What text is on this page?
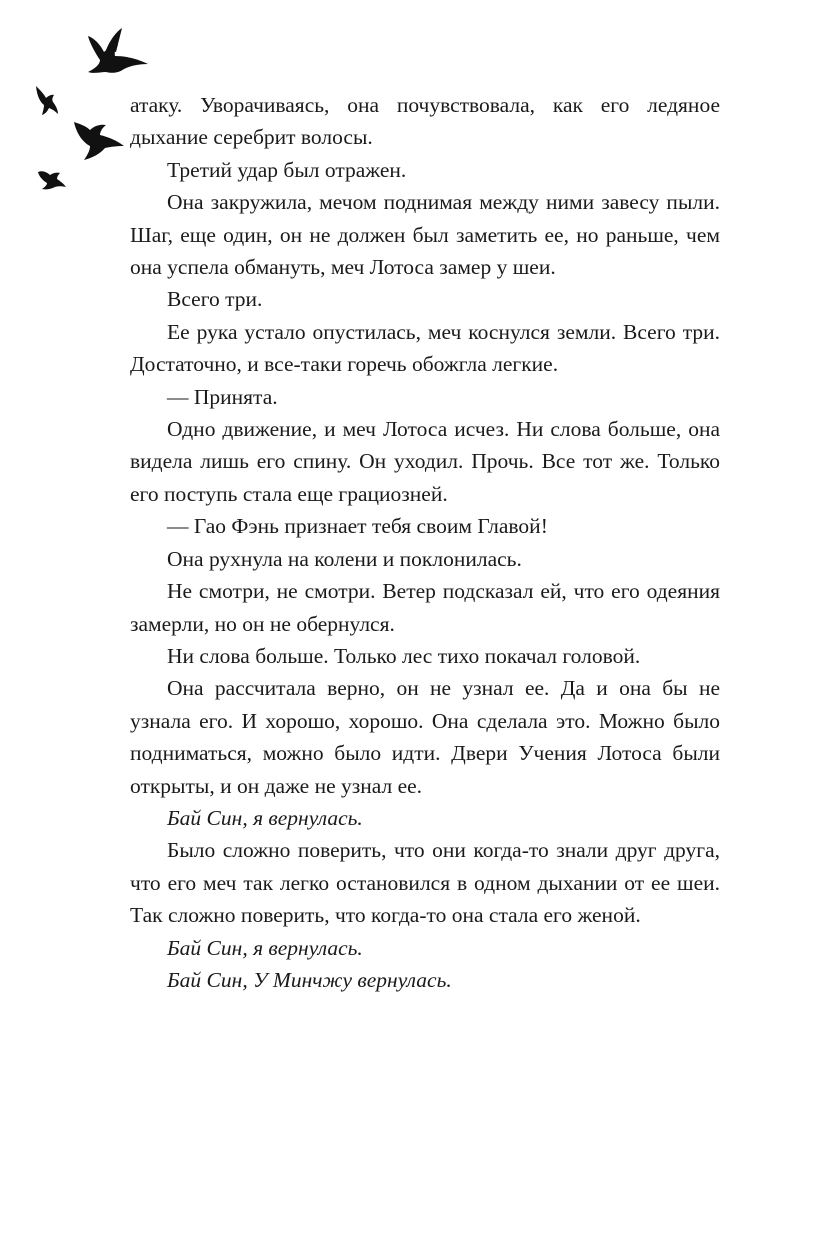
атаку. Уворачиваясь, она почувствовала, как его ледяное дыхание серебрит волосы.

Третий удар был отражен.

Она закружила, мечом поднимая между ними завесу пыли. Шаг, еще один, он не должен был заметить ее, но раньше, чем она успела обмануть, меч Лотоса замер у шеи.

Всего три.

Ее рука устало опустилась, меч коснулся земли. Всего три. Достаточно, и все-таки горечь обожгла легкие.

— Принята.

Одно движение, и меч Лотоса исчез. Ни слова больше, она видела лишь его спину. Он уходил. Прочь. Все тот же. Только его поступь стала еще грациозней.

— Гао Фэнь признает тебя своим Главой!

Она рухнула на колени и поклонилась.

Не смотри, не смотри. Ветер подсказал ей, что его одеяния замерли, но он не обернулся.

Ни слова больше. Только лес тихо покачал головой.

Она рассчитала верно, он не узнал ее. Да и она бы не узнала его. И хорошо, хорошо. Она сделала это. Можно было подниматься, можно было идти. Двери Учения Лотоса были открыты, и он даже не узнал ее.

Бай Син, я вернулась.

Было сложно поверить, что они когда-то знали друг друга, что его меч так легко остановился в одном дыхании от ее шеи. Так сложно поверить, что когда-то она стала его женой.

Бай Син, я вернулась.

Бай Син, У Минчжу вернулась.
